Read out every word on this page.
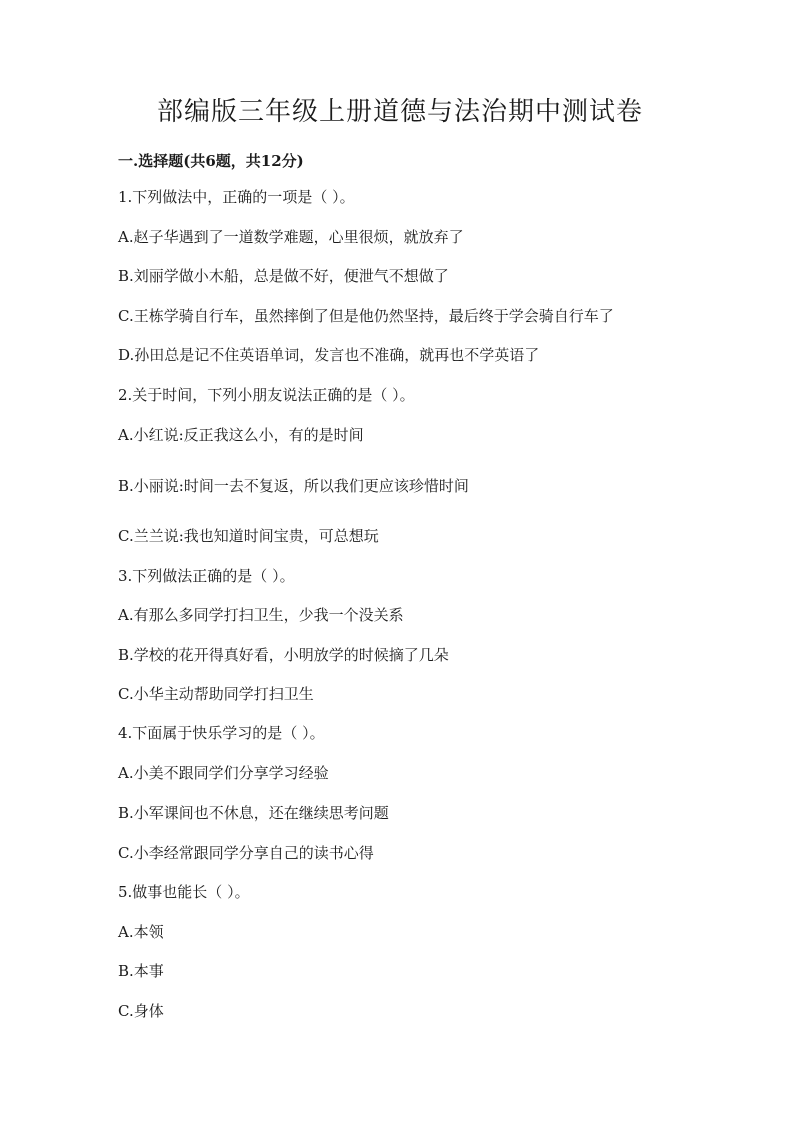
部编版三年级上册道德与法治期中测试卷
一.选择题(共6题，共12分)
1.下列做法中，正确的一项是（ ）。
A.赵子华遇到了一道数学难题，心里很烦，就放弃了
B.刘丽学做小木船，总是做不好，便泄气不想做了
C.王栋学骑自行车，虽然摔倒了但是他仍然坚持，最后终于学会骑自行车了
D.孙田总是记不住英语单词，发言也不准确，就再也不学英语了
2.关于时间，下列小朋友说法正确的是（ ）。
A.小红说:反正我这么小，有的是时间
B.小丽说:时间一去不复返，所以我们更应该珍惜时间
C.兰兰说:我也知道时间宝贵，可总想玩
3.下列做法正确的是（ ）。
A.有那么多同学打扫卫生，少我一个没关系
B.学校的花开得真好看，小明放学的时候摘了几朵
C.小华主动帮助同学打扫卫生
4.下面属于快乐学习的是（ ）。
A.小美不跟同学们分享学习经验
B.小军课间也不休息，还在继续思考问题
C.小李经常跟同学分享自己的读书心得
5.做事也能长（ ）。
A.本领
B.本事
C.身体
